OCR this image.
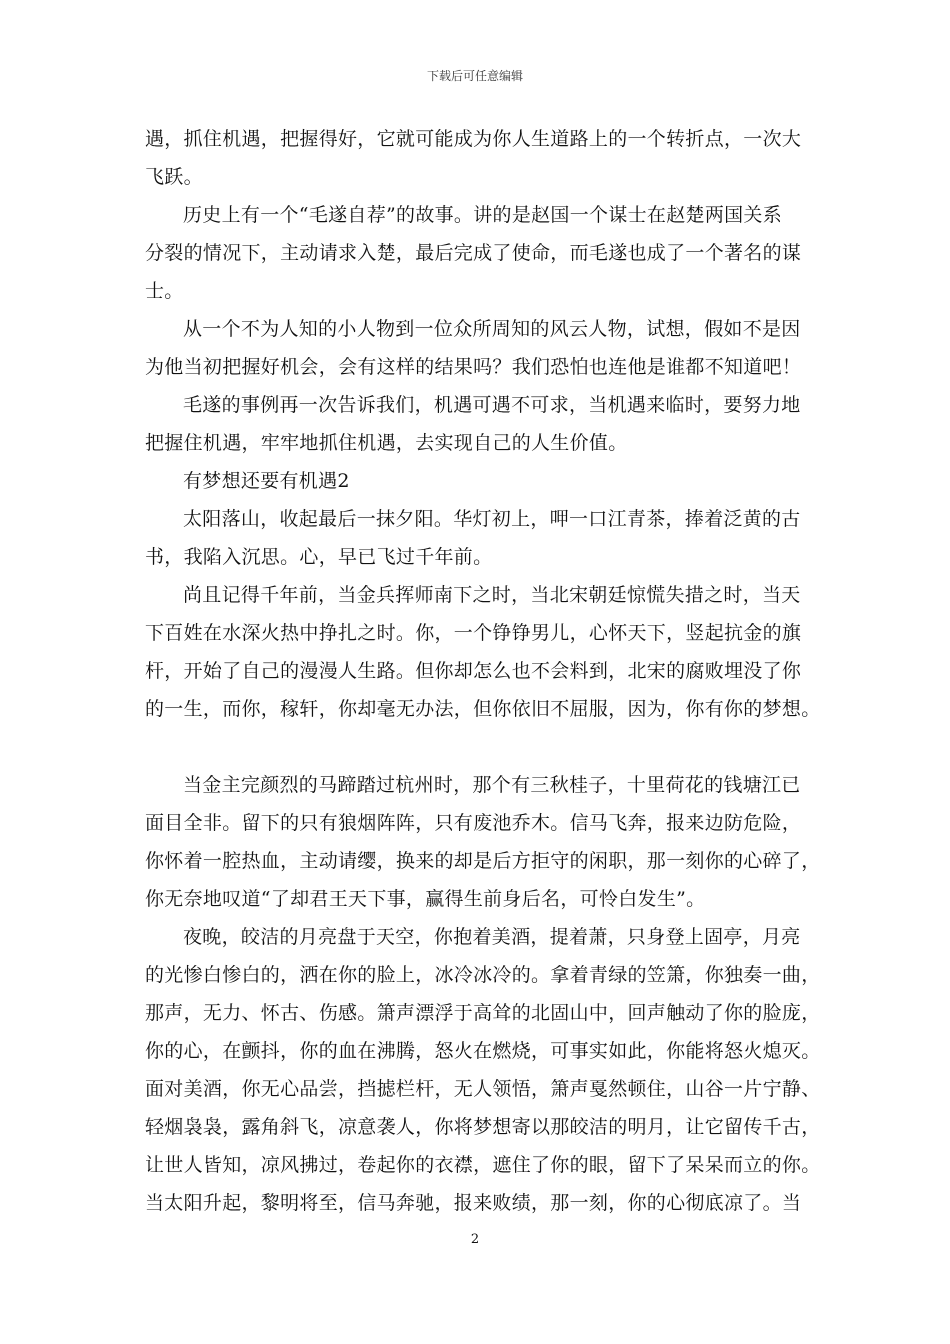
下载后可任意编辑
遇，抓住机遇，把握得好，它就可能成为你人生道路上的一个转折点，一次大
飞跃。
历史上有一个“毛遂自荐”的故事。讲的是赵国一个谋士在赵楚两国关系
分裂的情况下，主动请求入楚，最后完成了使命，而毛遂也成了一个著名的谋
士。
从一个不为人知的小人物到一位众所周知的风云人物，试想，假如不是因
为他当初把握好机会，会有这样的结果吗？我们恐怕也连他是谁都不知道吧！
毛遂的事例再一次告诉我们，机遇可遇不可求，当机遇来临时，要努力地
把握住机遇，牢牢地抓住机遇，去实现自己的人生价值。
有梦想还要有机遇2
太阳落山，收起最后一抹夕阳。华灯初上，呷一口江青茶，捧着泛黄的古
书，我陷入沉思。心，早已飞过千年前。
尚且记得千年前，当金兵挥师南下之时，当北宋朝廷惊慌失措之时，当天
下百姓在水深火热中挣扎之时。你，一个铮铮男儿，心怀天下，竖起抗金的旗
杆，开始了自己的漫漫人生路。但你却怎么也不会料到，北宋的腐败埋没了你
的一生，而你，稼轩，你却毫无办法，但你依旧不屈服，因为，你有你的梦想。
当金主完颜烈的马蹄踏过杭州时，那个有三秋桂子，十里荷花的钱塘江已
面目全非。留下的只有狼烟阵阵，只有废池乔木。信马飞奔，报来边防危险，
你怀着一腔热血，主动请缨，换来的却是后方拒守的闲职，那一刻你的心碎了，
你无奈地叹道“了却君王天下事，赢得生前身后名，可怜白发生”。
夜晚，皎洁的月亮盘于天空，你抱着美酒，提着萧，只身登上固亭，月亮
的光惨白惨白的，洒在你的脸上，冰冷冰冷的。拿着青绿的笠箫，你独奏一曲，
那声，无力、怀古、伤感。箫声漂浮于高耸的北固山中，回声触动了你的脸庞，
你的心，在颤抖，你的血在沸腾，怒火在燃烧，可事实如此，你能将怒火熄灭。
面对美酒，你无心品尝，挡摅栏杆，无人领悟，箫声戛然顿住，山谷一片宁静、
轻烟袅袅，露角斜飞，凉意袭人，你将梦想寄以那皎洁的明月，让它留传千古，
让世人皆知，凉风拂过，卷起你的衣襟，遮住了你的眼，留下了呆呆而立的你。
当太阳升起，黎明将至，信马奔驰，报来败绩，那一刻，你的心彻底凉了。当
2
